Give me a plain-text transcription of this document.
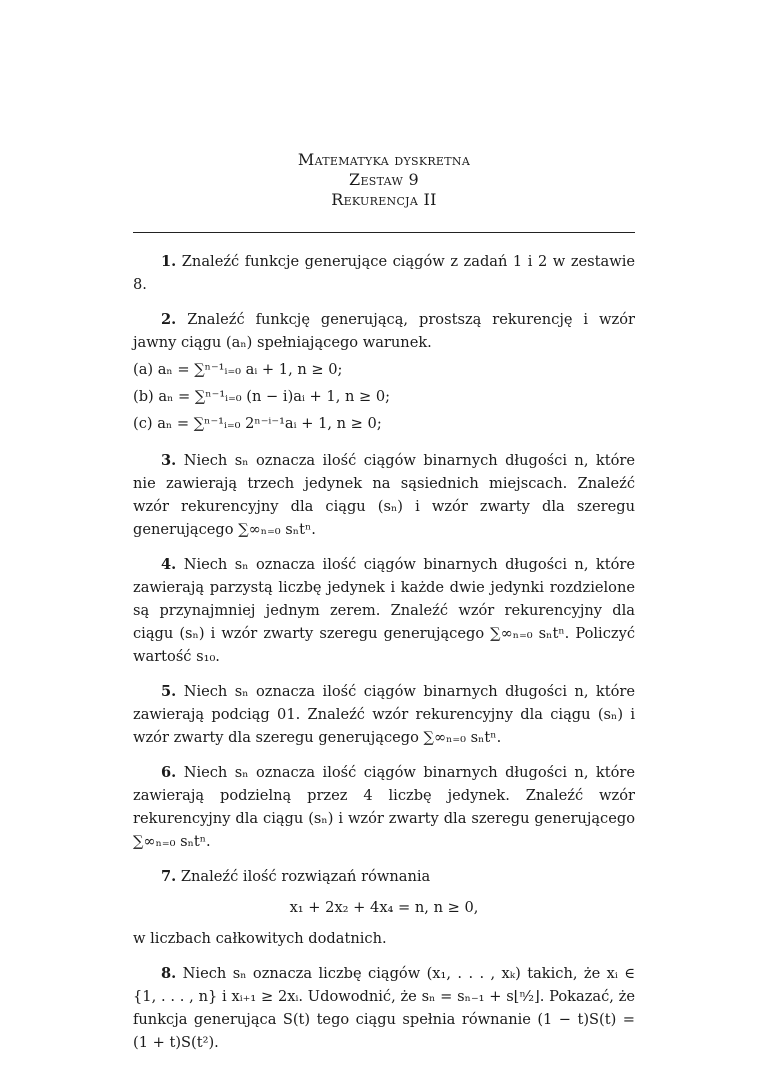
Matematyka dyskretna
Zestaw 9
Rekurencja II

1. Znaleźć funkcje generujące ciągów z zadań 1 i 2 w zestawie 8.

2. Znaleźć funkcję generującą, prostszą rekurencję i wzór jawny ciągu (aₙ) spełniającego warunek.

(a) aₙ = ∑ⁿ⁻¹ᵢ₌₀ aᵢ + 1, n ≥ 0;
(b) aₙ = ∑ⁿ⁻¹ᵢ₌₀ (n − i)aᵢ + 1, n ≥ 0;
(c) aₙ = ∑ⁿ⁻¹ᵢ₌₀ 2ⁿ⁻ⁱ⁻¹aᵢ + 1, n ≥ 0;

3. Niech sₙ oznacza ilość ciągów binarnych długości n, które nie zawierają trzech jedynek na sąsiednich miejscach. Znaleźć wzór rekurencyjny dla ciągu (sₙ) i wzór zwarty dla szeregu generującego ∑∞ₙ₌₀ sₙtⁿ.

4. Niech sₙ oznacza ilość ciągów binarnych długości n, które zawierają parzystą liczbę jedynek i każde dwie jedynki rozdzielone są przynajmniej jednym zerem. Znaleźć wzór rekurencyjny dla ciągu (sₙ) i wzór zwarty szeregu generującego ∑∞ₙ₌₀ sₙtⁿ. Policzyć wartość s₁₀.

5. Niech sₙ oznacza ilość ciągów binarnych długości n, które zawierają podciąg 01. Znaleźć wzór rekurencyjny dla ciągu (sₙ) i wzór zwarty dla szeregu generującego ∑∞ₙ₌₀ sₙtⁿ.

6. Niech sₙ oznacza ilość ciągów binarnych długości n, które zawierają podzielną przez 4 liczbę jedynek. Znaleźć wzór rekurencyjny dla ciągu (sₙ) i wzór zwarty dla szeregu generującego ∑∞ₙ₌₀ sₙtⁿ.

7. Znaleźć ilość rozwiązań równania

x₁ + 2x₂ + 4x₄ = n, n ≥ 0,
w liczbach całkowitych dodatnich.

8. Niech sₙ oznacza liczbę ciągów (x₁, . . . , xₖ) takich, że xᵢ ∈ {1, . . . , n} i xᵢ₊₁ ≥ 2xᵢ. Udowodnić, że sₙ = sₙ₋₁ + s⌊ⁿ⁄₂⌋. Pokazać, że funkcja generująca S(t) tego ciągu spełnia równanie (1 − t)S(t) = (1 + t)S(t²).
